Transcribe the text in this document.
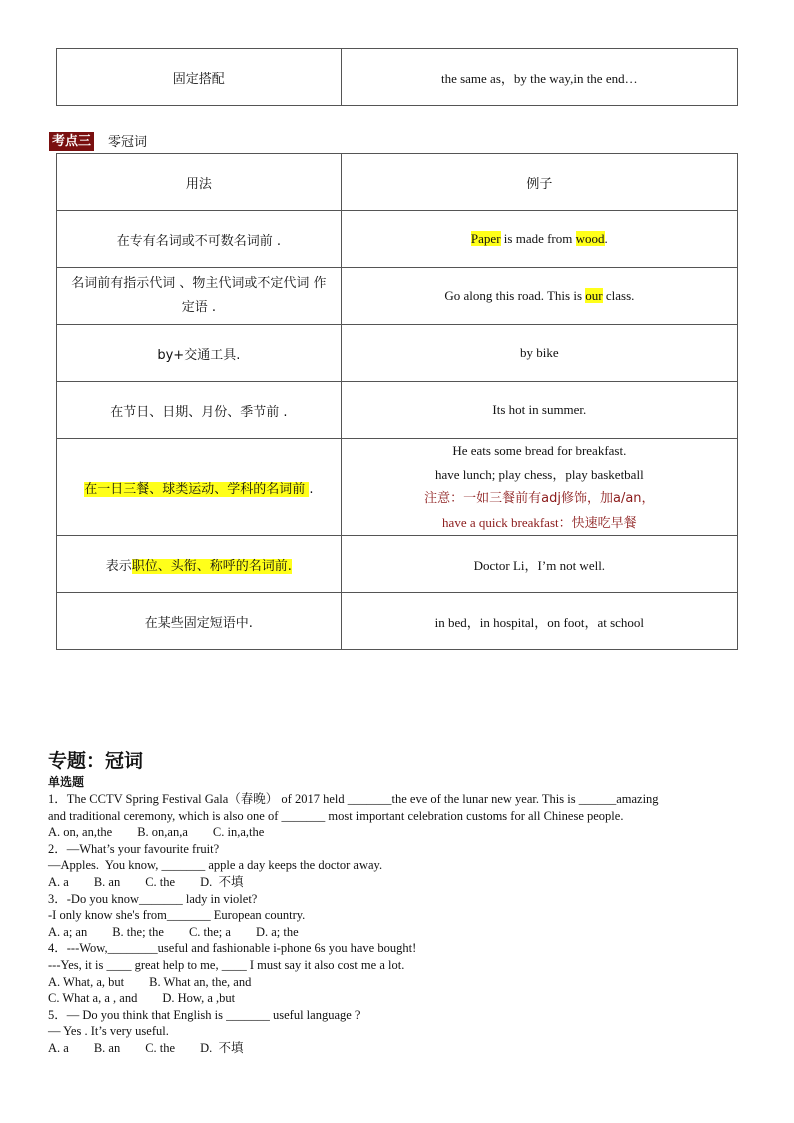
固定搭配	the same as，by the way,in the end…
考点三 零冠词
用法	例子
在专有名词或不可数名词前 .	Paper is made from wood.

名词前有指示代词 、物主代词或不定代词 作
定语 .	Go along this road. This is our class.
by+交通工具.	by bike
在节日、日期、月份、季节前 .	Its hot in summer.
在一日三餐、球类运动、学科的名词前 .	He eats some bread for breakfast.
have lunch; play chess，play basketball
注意：一如三餐前有adj修饰，加a/an，
have a quick breakfast：快速吃早餐

表示职位、头衔、称呼的名词前.	Doctor Li，I’m not well.
在某些固定短语中.	in bed，in hospital，on foot，at school
专题：冠词
单选题

1．The CCTV Spring Festival Gala（春晚） of 2017 held _______the eve of the lunar new year. This is ______amazing

and traditional ceremony, which is also one of _______ most important celebration customs for all Chinese people.

A. on, an,the        B. on,an,a        C. in,a,the

2．—What’s your favourite fruit?

—Apples.  You know, _______ apple a day keeps the doctor away.

A. a        B. an        C. the        D.  不填

3．-Do you know_______ lady in violet?

-I only know she's from_______ European country.

A. a; an        B. the; the        C. the; a        D. a; the

4．---Wow,________useful and fashionable i-phone 6s you have bought!

---Yes, it is ____ great help to me, ____ I must say it also cost me a lot.

A. What, a, but        B. What an, the, and

C. What a, a , and        D. How, a ,but

5．— Do you think that English is _______ useful language ?

— Yes . It’s very useful.

A. a        B. an        C. the        D.  不填
